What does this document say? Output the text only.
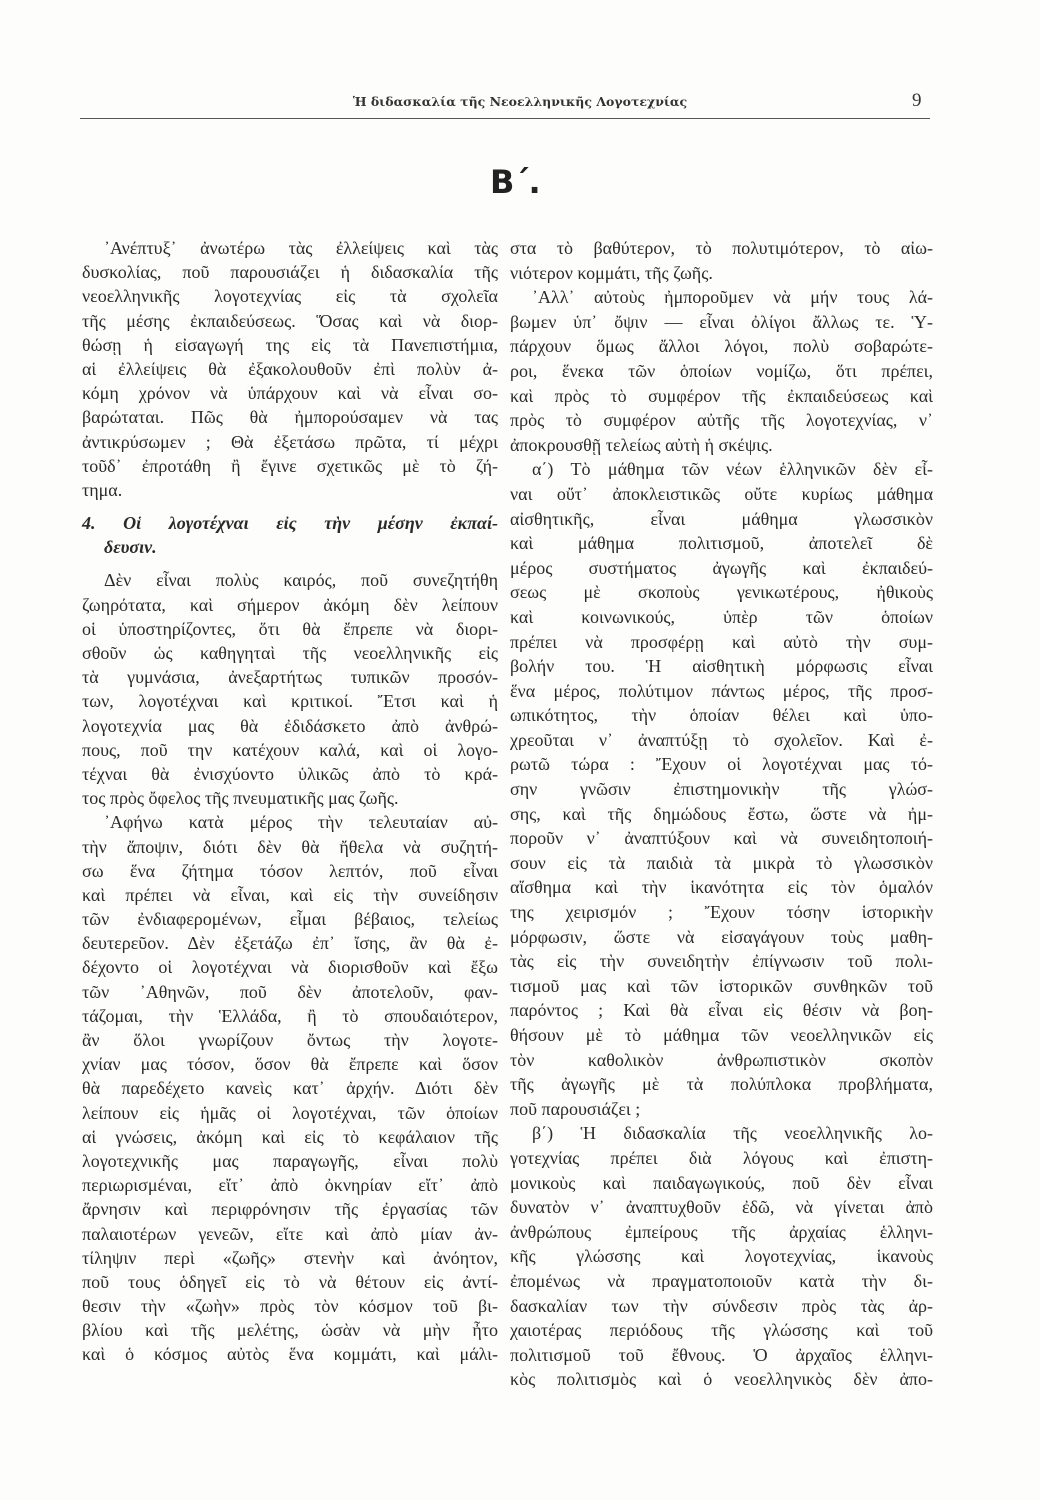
Ἡ διδασκαλία τῆς Νεοελληνικῆς Λογοτεχνίας	9
Β΄.
᾿Ανέπτυξ᾿ ἀνωτέρω τὰς ἐλλείψεις καὶ τὰς
δυσκολίας, ποῦ παρουσιάζει ἡ διδασκαλία τῆς
νεοελληνικῆς λογοτεχνίας εἰς τὰ σχολεῖα
τῆς μέσης ἐκπαιδεύσεως. Ὅσας καὶ νὰ διορ-
θώσῃ ἡ εἰσαγωγή της εἰς τὰ Πανεπιστήμια,
αἱ ἐλλείψεις θὰ ἐξακολουθοῦν ἐπὶ πολὺν ἀ-
κόμη χρόνον νὰ ὑπάρχουν καὶ νὰ εἶναι σο-
βαρώταται. Πῶς θὰ ἠμπορούσαμεν νὰ τας
ἀντικρύσωμεν ; Θὰ ἐξετάσω πρῶτα, τί μέχρι
τοῦδ᾿ ἐπροτάθη ἢ ἔγινε σχετικῶς μὲ τὸ ζή-
τημα.
4. Οἱ λογοτέχναι εἰς τὴν μέσην ἐκπαί-
δευσιν.
Δὲν εἶναι πολὺς καιρός, ποῦ συνεζητήθη
ζωηρότατα, καὶ σήμερον ἀκόμη δὲν λείπουν
οἱ ὑποστηρίζοντες, ὅτι θὰ ἔπρεπε νὰ διορι-
σθοῦν ὡς καθηγηταὶ τῆς νεοελληνικῆς εἰς
τὰ γυμνάσια, ἀνεξαρτήτως τυπικῶν προσόν-
των, λογοτέχναι καὶ κριτικοί. Ἔτσι καὶ ἡ
λογοτεχνία μας θὰ ἐδιδάσκετο ἀπὸ ἀνθρώ-
πους, ποῦ την κατέχουν καλά, καὶ οἱ λογο-
τέχναι θὰ ἐνισχύοντο ὑλικῶς ἀπὸ τὸ κρά-
τος πρὸς ὄφελος τῆς πνευματικῆς μας ζωῆς.
᾿Αφήνω κατὰ μέρος τὴν τελευταίαν αὐ-
τὴν ἄποψιν, διότι δὲν θὰ ἤθελα νὰ συζητή-
σω ἕνα ζήτημα τόσον λεπτόν, ποῦ εἶναι
καὶ πρέπει νὰ εἶναι, καὶ εἰς τὴν συνείδησιν
τῶν ἐνδιαφερομένων, εἶμαι βέβαιος, τελείως
δευτερεῦον. Δὲν ἐξετάζω ἐπ᾿ ἴσης, ἂν θὰ ἐ-
δέχοντο οἱ λογοτέχναι νὰ διορισθοῦν καὶ ἔξω
τῶν ᾿Αθηνῶν, ποῦ δὲν ἀποτελοῦν, φαν-
τάζομαι, τὴν Ἑλλάδα, ἢ τὸ σπουδαιότερον,
ἂν ὅλοι γνωρίζουν ὄντως τὴν λογοτε-
χνίαν μας τόσον, ὅσον θὰ ἔπρεπε καὶ ὅσον
θὰ παρεδέχετο κανεὶς κατ᾿ ἀρχήν. Διότι δὲν
λείπουν εἰς ἡμᾶς οἱ λογοτέχναι, τῶν ὁποίων
αἱ γνώσεις, ἀκόμη καὶ εἰς τὸ κεφάλαιον τῆς
λογοτεχνικῆς μας παραγωγῆς, εἶναι πολὺ
περιωρισμέναι, εἴτ᾿ ἀπὸ ὀκνηρίαν εἴτ᾿ ἀπὸ
ἄρνησιν καὶ περιφρόνησιν τῆς ἐργασίας τῶν
παλαιοτέρων γενεῶν, εἴτε καὶ ἀπὸ μίαν ἀν-
τίληψιν περὶ «ζωῆς» στενὴν καὶ ἀνόητον,
ποῦ τους ὁδηγεῖ εἰς τὸ νὰ θέτουν εἰς ἀντί-
θεσιν τὴν «ζωὴν» πρὸς τὸν κόσμον τοῦ βι-
βλίου καὶ τῆς μελέτης, ὡσὰν νὰ μὴν ἦτο
καὶ ὁ κόσμος αὐτὸς ἕνα κομμάτι, καὶ μάλι-
στα τὸ βαθύτερον, τὸ πολυτιμότερον, τὸ αἰω-
νιότερον κομμάτι, τῆς ζωῆς.
᾿Αλλ᾿ αὐτοὺς ἠμποροῦμεν νὰ μήν τους λά-
βωμεν ὑπ᾿ ὄψιν — εἶναι ὀλίγοι ἄλλως τε. Ὑ-
πάρχουν ὅμως ἄλλοι λόγοι, πολὺ σοβαρώτε-
ροι, ἕνεκα τῶν ὁποίων νομίζω, ὅτι πρέπει,
καὶ πρὸς τὸ συμφέρον τῆς ἐκπαιδεύσεως καὶ
πρὸς τὸ συμφέρον αὐτῆς τῆς λογοτεχνίας, ν᾿
ἀποκρουσθῇ τελείως αὐτὴ ἡ σκέψις.
α΄) Τὸ μάθημα τῶν νέων ἑλληνικῶν δὲν εἶ-
ναι οὔτ᾿ ἀποκλειστικῶς οὔτε κυρίως μάθημα
αἰσθητικῆς, εἶναι μάθημα γλωσσικὸν
καὶ μάθημα πολιτισμοῦ, ἀποτελεῖ δὲ
μέρος συστήματος ἀγωγῆς καὶ ἐκπαιδεύ-
σεως μὲ σκοποὺς γενικωτέρους, ἠθικοὺς
καὶ κοινωνικούς, ὑπὲρ τῶν ὁποίων
πρέπει νὰ προσφέρῃ καὶ αὐτὸ τὴν συμ-
βολήν του. Ἡ αἰσθητικὴ μόρφωσις εἶναι
ἕνα μέρος, πολύτιμον πάντως μέρος, τῆς προσ-
ωπικότητος, τὴν ὁποίαν θέλει καὶ ὑπο-
χρεοῦται ν᾿ ἀναπτύξῃ τὸ σχολεῖον. Καὶ ἐ-
ρωτῶ τώρα : Ἔχουν οἱ λογοτέχναι μας τό-
σην γνῶσιν ἐπιστημονικὴν τῆς γλώσ-
σης, καὶ τῆς δημώδους ἔστω, ὥστε νὰ ἠμ-
ποροῦν ν᾿ ἀναπτύξουν καὶ νὰ συνειδητοποιή-
σουν εἰς τὰ παιδιὰ τὰ μικρὰ τὸ γλωσσικὸν
αἴσθημα καὶ τὴν ἱκανότητα εἰς τὸν ὁμαλόν
της χειρισμόν ; Ἔχουν τόσην ἱστορικὴν
μόρφωσιν, ὥστε νὰ εἰσαγάγουν τοὺς μαθη-
τὰς εἰς τὴν συνειδητὴν ἐπίγνωσιν τοῦ πολι-
τισμοῦ μας καὶ τῶν ἱστορικῶν συνθηκῶν τοῦ
παρόντος ; Καὶ θὰ εἶναι εἰς θέσιν νὰ βοη-
θήσουν μὲ τὸ μάθημα τῶν νεοελληνικῶν εἰς
τὸν καθολικὸν ἀνθρωπιστικὸν σκοπὸν
τῆς ἀγωγῆς μὲ τὰ πολύπλοκα προβλήματα,
ποῦ παρουσιάζει ;
β΄) Ἡ διδασκαλία τῆς νεοελληνικῆς λο-
γοτεχνίας πρέπει διὰ λόγους καὶ ἐπιστη-
μονικοὺς καὶ παιδαγωγικούς, ποῦ δὲν εἶναι
δυνατὸν ν᾿ ἀναπτυχθοῦν ἐδῶ, νὰ γίνεται ἀπὸ
ἀνθρώπους ἐμπείρους τῆς ἀρχαίας ἑλληνι-
κῆς γλώσσης καὶ λογοτεχνίας, ἱκανοὺς
ἐπομένως νὰ πραγματοποιοῦν κατὰ τὴν δι-
δασκαλίαν των τὴν σύνδεσιν πρὸς τὰς ἀρ-
χαιοτέρας περιόδους τῆς γλώσσης καὶ τοῦ
πολιτισμοῦ τοῦ ἔθνους. Ὁ ἀρχαῖος ἑλληνι-
κὸς πολιτισμὸς καὶ ὁ νεοελληνικὸς δὲν ἀπο-
